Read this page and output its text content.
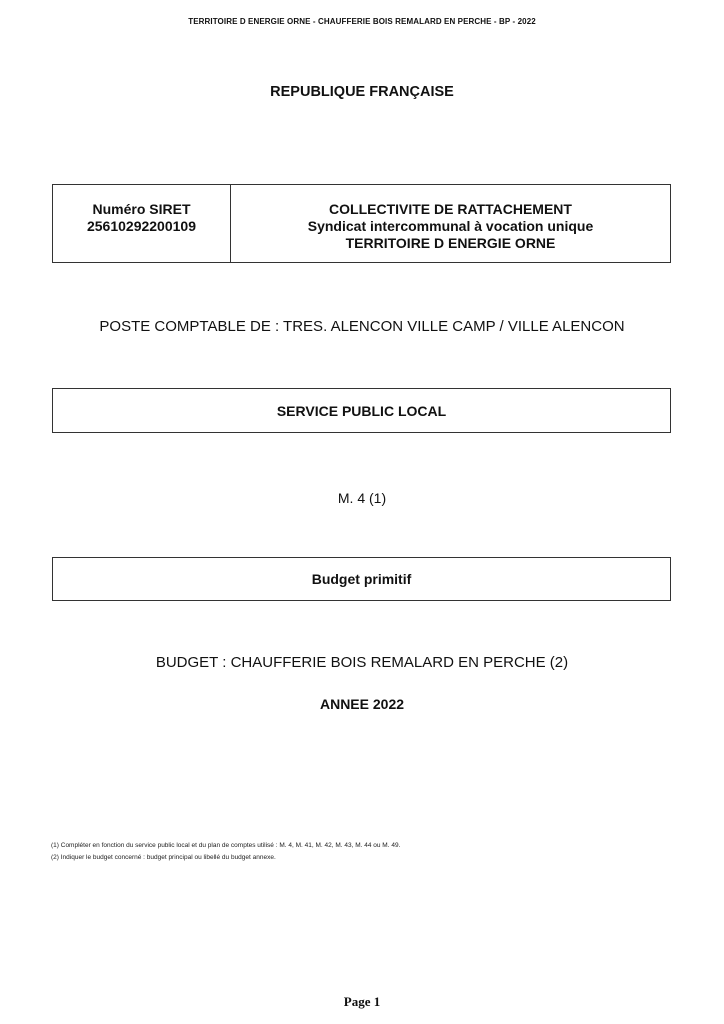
TERRITOIRE D ENERGIE ORNE - CHAUFFERIE BOIS REMALARD EN PERCHE - BP - 2022
REPUBLIQUE FRANÇAISE
Numéro SIRET
25610292200109
COLLECTIVITE DE RATTACHEMENT
Syndicat intercommunal à vocation unique
TERRITOIRE D ENERGIE ORNE
POSTE COMPTABLE DE : TRES. ALENCON VILLE CAMP / VILLE ALENCON
SERVICE PUBLIC LOCAL
M. 4 (1)
Budget primitif
BUDGET : CHAUFFERIE BOIS REMALARD EN PERCHE (2)
ANNEE 2022
(1) Compléter en fonction du service public local et du plan de comptes utilisé : M. 4, M. 41, M. 42, M. 43, M. 44 ou M. 49.
(2) Indiquer le budget concerné : budget principal ou libellé du budget annexe.
Page 1
